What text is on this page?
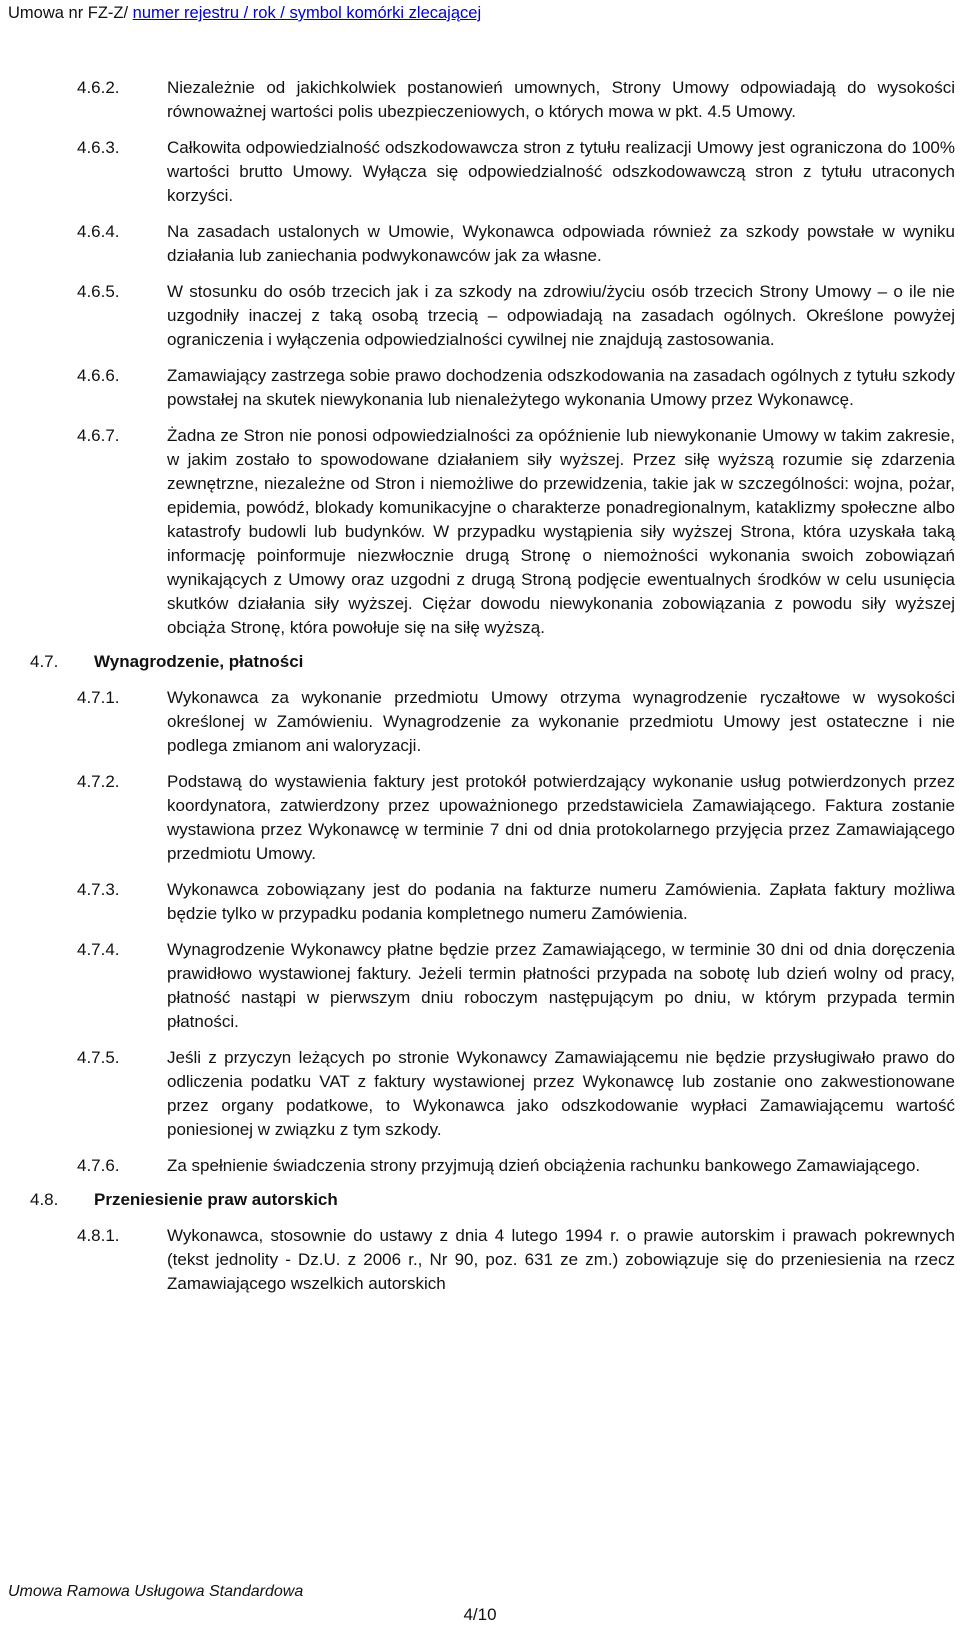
Umowa nr FZ-Z/ numer rejestru / rok / symbol komórki zlecającej
4.6.2.	Niezależnie od jakichkolwiek postanowień umownych, Strony Umowy odpowiadają do wysokości równoważnej wartości polis ubezpieczeniowych, o których mowa w pkt. 4.5 Umowy.
4.6.3.	Całkowita odpowiedzialność odszkodowawcza stron z tytułu realizacji Umowy jest ograniczona do 100% wartości brutto Umowy. Wyłącza się odpowiedzialność odszkodowawczą stron z tytułu utraconych korzyści.
4.6.4.	Na zasadach ustalonych w Umowie, Wykonawca odpowiada również za szkody powstałe w wyniku działania lub zaniechania podwykonawców jak za własne.
4.6.5.	W stosunku do osób trzecich jak i za szkody na zdrowiu/życiu osób trzecich Strony Umowy – o ile nie uzgodniły inaczej z taką osobą trzecią – odpowiadają na zasadach ogólnych. Określone powyżej ograniczenia i wyłączenia odpowiedzialności cywilnej nie znajdują zastosowania.
4.6.6.	Zamawiający zastrzega sobie prawo dochodzenia odszkodowania na zasadach ogólnych z tytułu szkody powstałej na skutek niewykonania lub nienależytego wykonania Umowy przez Wykonawcę.
4.6.7.	Żadna ze Stron nie ponosi odpowiedzialności za opóźnienie lub niewykonanie Umowy w takim zakresie, w jakim zostało to spowodowane działaniem siły wyższej. Przez siłę wyższą rozumie się zdarzenia zewnętrzne, niezależne od Stron i niemożliwe do przewidzenia, takie jak w szczególności: wojna, pożar, epidemia, powódź, blokady komunikacyjne o charakterze ponadregionalnym, kataklizmy społeczne albo katastrofy budowli lub budynków. W przypadku wystąpienia siły wyższej Strona, która uzyskała taką informację poinformuje niezwłocznie drugą Stronę o niemożności wykonania swoich zobowiązań wynikających z Umowy oraz uzgodni z drugą Stroną podjęcie ewentualnych środków w celu usunięcia skutków działania siły wyższej. Ciężar dowodu niewykonania zobowiązania z powodu siły wyższej obciąża Stronę, która powołuje się na siłę wyższą.
4.7. Wynagrodzenie, płatności
4.7.1.	Wykonawca za wykonanie przedmiotu Umowy otrzyma wynagrodzenie ryczałtowe w wysokości określonej w Zamówieniu. Wynagrodzenie za wykonanie przedmiotu Umowy jest ostateczne i nie podlega zmianom ani waloryzacji.
4.7.2.	Podstawą do wystawienia faktury jest protokół potwierdzający wykonanie usług potwierdzonych przez koordynatora, zatwierdzony przez upoważnionego przedstawiciela Zamawiającego. Faktura zostanie wystawiona przez Wykonawcę w terminie 7 dni od dnia protokolarnego przyjęcia przez Zamawiającego przedmiotu Umowy.
4.7.3.	Wykonawca zobowiązany jest do podania na fakturze numeru Zamówienia. Zapłata faktury możliwa będzie tylko w przypadku podania kompletnego numeru Zamówienia.
4.7.4.	Wynagrodzenie Wykonawcy płatne będzie przez Zamawiającego, w terminie 30 dni od dnia doręczenia prawidłowo wystawionej faktury. Jeżeli termin płatności przypada na sobotę lub dzień wolny od pracy, płatność nastąpi w pierwszym dniu roboczym następującym po dniu, w którym przypada termin płatności.
4.7.5.	Jeśli z przyczyn leżących po stronie Wykonawcy Zamawiającemu nie będzie przysługiwało prawo do odliczenia podatku VAT z faktury wystawionej przez Wykonawcę lub zostanie ono zakwestionowane przez organy podatkowe, to Wykonawca jako odszkodowanie wypłaci Zamawiającemu wartość poniesionej w związku z tym szkody.
4.7.6.	Za spełnienie świadczenia strony przyjmują dzień obciążenia rachunku bankowego Zamawiającego.
4.8. Przeniesienie praw autorskich
4.8.1.	Wykonawca, stosownie do ustawy z dnia 4 lutego 1994 r. o prawie autorskim i prawach pokrewnych (tekst jednolity - Dz.U. z 2006 r., Nr 90, poz. 631 ze zm.) zobowiązuje się do przeniesienia na rzecz Zamawiającego wszelkich autorskich
Umowa Ramowa Usługowa Standardowa
4/10
